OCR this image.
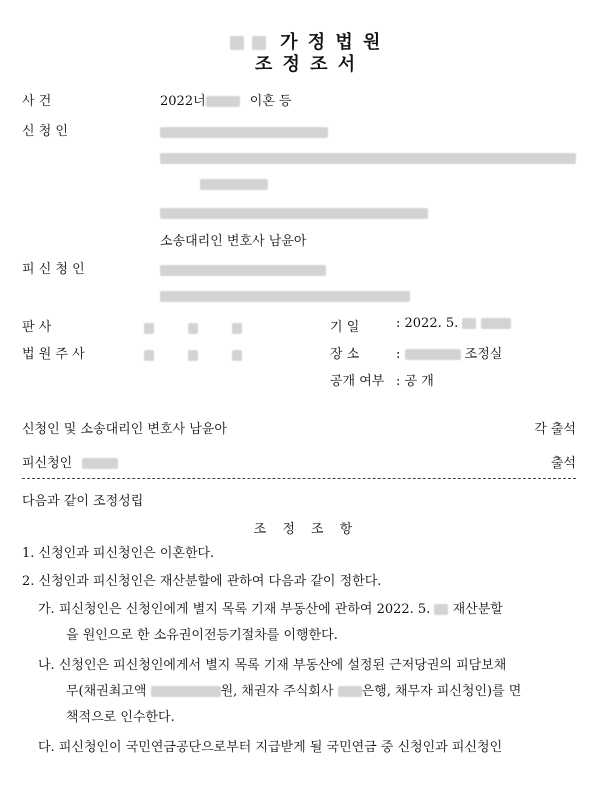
가 정 법 원
조 정 조 서
사 건	2022너	이혼 등
신 청 인
소송대리인 변호사 남윤아
피 신 청 인
판 사
법 원 주 사
기 일	: 2022. 5.
장 소	:	조정실
공개 여부 : 공 개
신청인 및 소송대리인 변호사 남윤아	각 출석
피신청인	출석
다음과 같이 조정성립
조 정 조 항
1. 신청인과 피신청인은 이혼한다.
2. 신청인과 피신청인은 재산분할에 관하여 다음과 같이 정한다.
가. 피신청인은 신청인에게 별지 목록 기재 부동산에 관하여 2022. 5. 재산분할
을 원인으로 한 소유권이전등기절차를 이행한다.
나. 신청인은 피신청인에게서 별지 목록 기재 부동산에 설정된 근저당권의 피담보채
무(채권최고액	원, 채권자 주식회사 은행, 채무자 피신청인)를 면
책적으로 인수한다.
다. 피신청인이 국민연금공단으로부터 지급받게 될 국민연금 중 신청인과 피신청인
